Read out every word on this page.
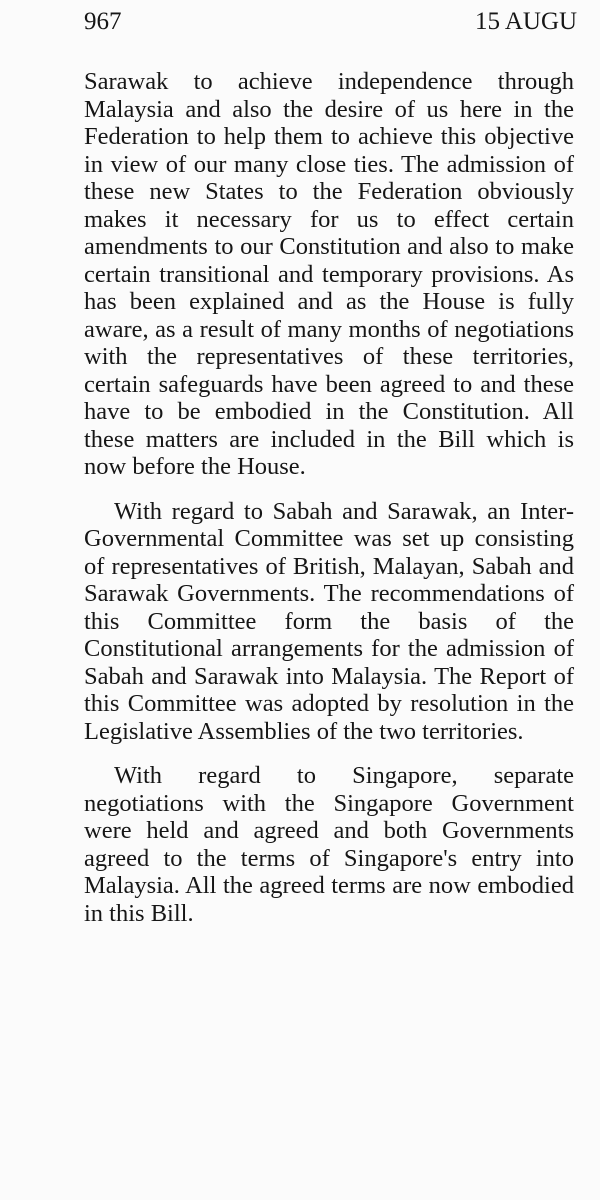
967	15 AUGU

Sarawak to achieve independence through Malaysia and also the desire of us here in the Federation to help them to achieve this objective in view of our many close ties. The admission of these new States to the Federation obviously makes it necessary for us to effect certain amendments to our Constitution and also to make certain transitional and temporary provisions. As has been explained and as the House is fully aware, as a result of many months of negotiations with the representatives of these territories, certain safeguards have been agreed to and these have to be embodied in the Constitution. All these matters are included in the Bill which is now before the House.

With regard to Sabah and Sarawak, an Inter-Governmental Committee was set up consisting of representatives of British, Malayan, Sabah and Sarawak Governments. The recommendations of this Committee form the basis of the Constitutional arrangements for the admission of Sabah and Sarawak into Malaysia. The Report of this Committee was adopted by resolution in the Legislative Assemblies of the two territories.

With regard to Singapore, separate negotiations with the Singapore Government were held and agreed and both Governments agreed to the terms of Singapore's entry into Malaysia. All the agreed terms are now embodied in this Bill.
